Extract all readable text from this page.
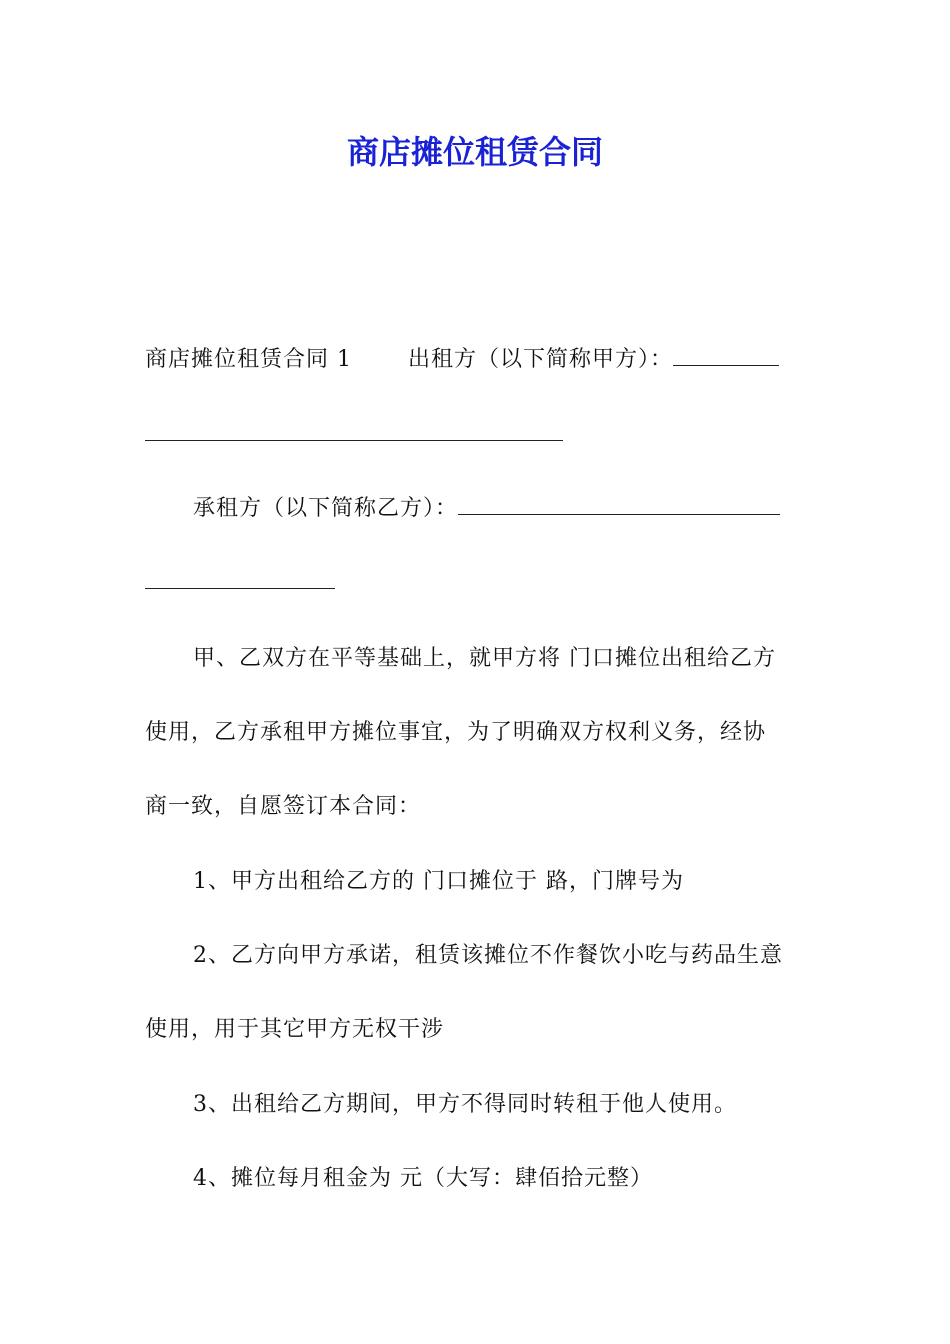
商店摊位租赁合同
商店摊位租赁合同 1	出租方（以下简称甲方）：
承租方（以下简称乙方）：
甲、乙双方在平等基础上，就甲方将 门口摊位出租给乙方
使用，乙方承租甲方摊位事宜，为了明确双方权利义务，经协
商一致，自愿签订本合同：
1、甲方出租给乙方的 门口摊位于 路，门牌号为
2、乙方向甲方承诺，租赁该摊位不作餐饮小吃与药品生意
使用，用于其它甲方无权干涉
3、出租给乙方期间，甲方不得同时转租于他人使用。
4、摊位每月租金为 元（大写：肆佰拾元整）
